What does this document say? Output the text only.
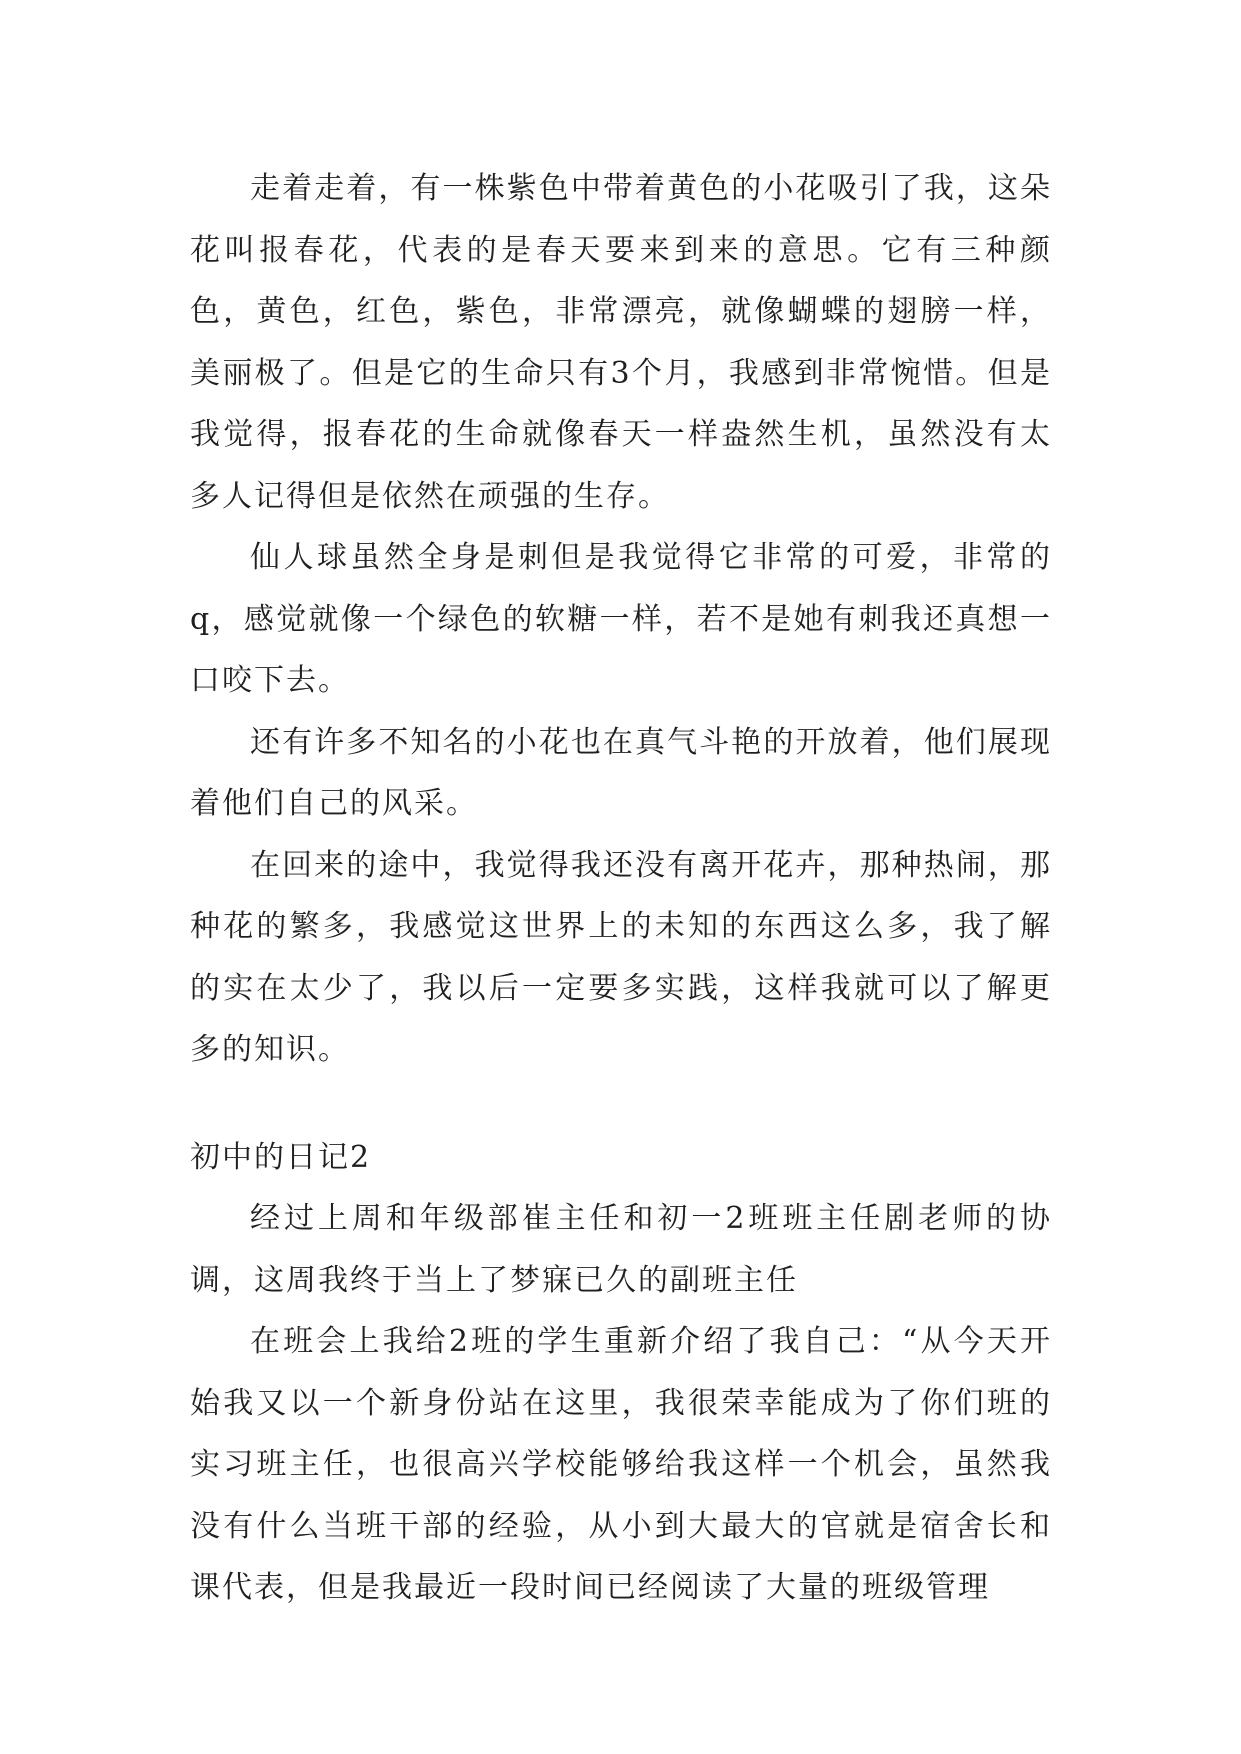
走着走着，有一株紫色中带着黄色的小花吸引了我，这朵花叫报春花，代表的是春天要来到来的意思。它有三种颜色，黄色，红色，紫色，非常漂亮，就像蝴蝶的翅膀一样，美丽极了。但是它的生命只有3个月，我感到非常惋惜。但是我觉得，报春花的生命就像春天一样盎然生机，虽然没有太多人记得但是依然在顽强的生存。

仙人球虽然全身是刺但是我觉得它非常的可爱，非常的q，感觉就像一个绿色的软糖一样，若不是她有刺我还真想一口咬下去。

还有许多不知名的小花也在真气斗艳的开放着，他们展现着他们自己的风采。

在回来的途中，我觉得我还没有离开花卉，那种热闹，那种花的繁多，我感觉这世界上的未知的东西这么多，我了解的实在太少了，我以后一定要多实践，这样我就可以了解更多的知识。

初中的日记2

经过上周和年级部崔主任和初一2班班主任剧老师的协调，这周我终于当上了梦寐已久的副班主任

在班会上我给2班的学生重新介绍了我自己：“从今天开始我又以一个新身份站在这里，我很荣幸能成为了你们班的实习班主任，也很高兴学校能够给我这样一个机会，虽然我没有什么当班干部的经验，从小到大最大的官就是宿舍长和课代表，但是我最近一段时间已经阅读了大量的班级管理
